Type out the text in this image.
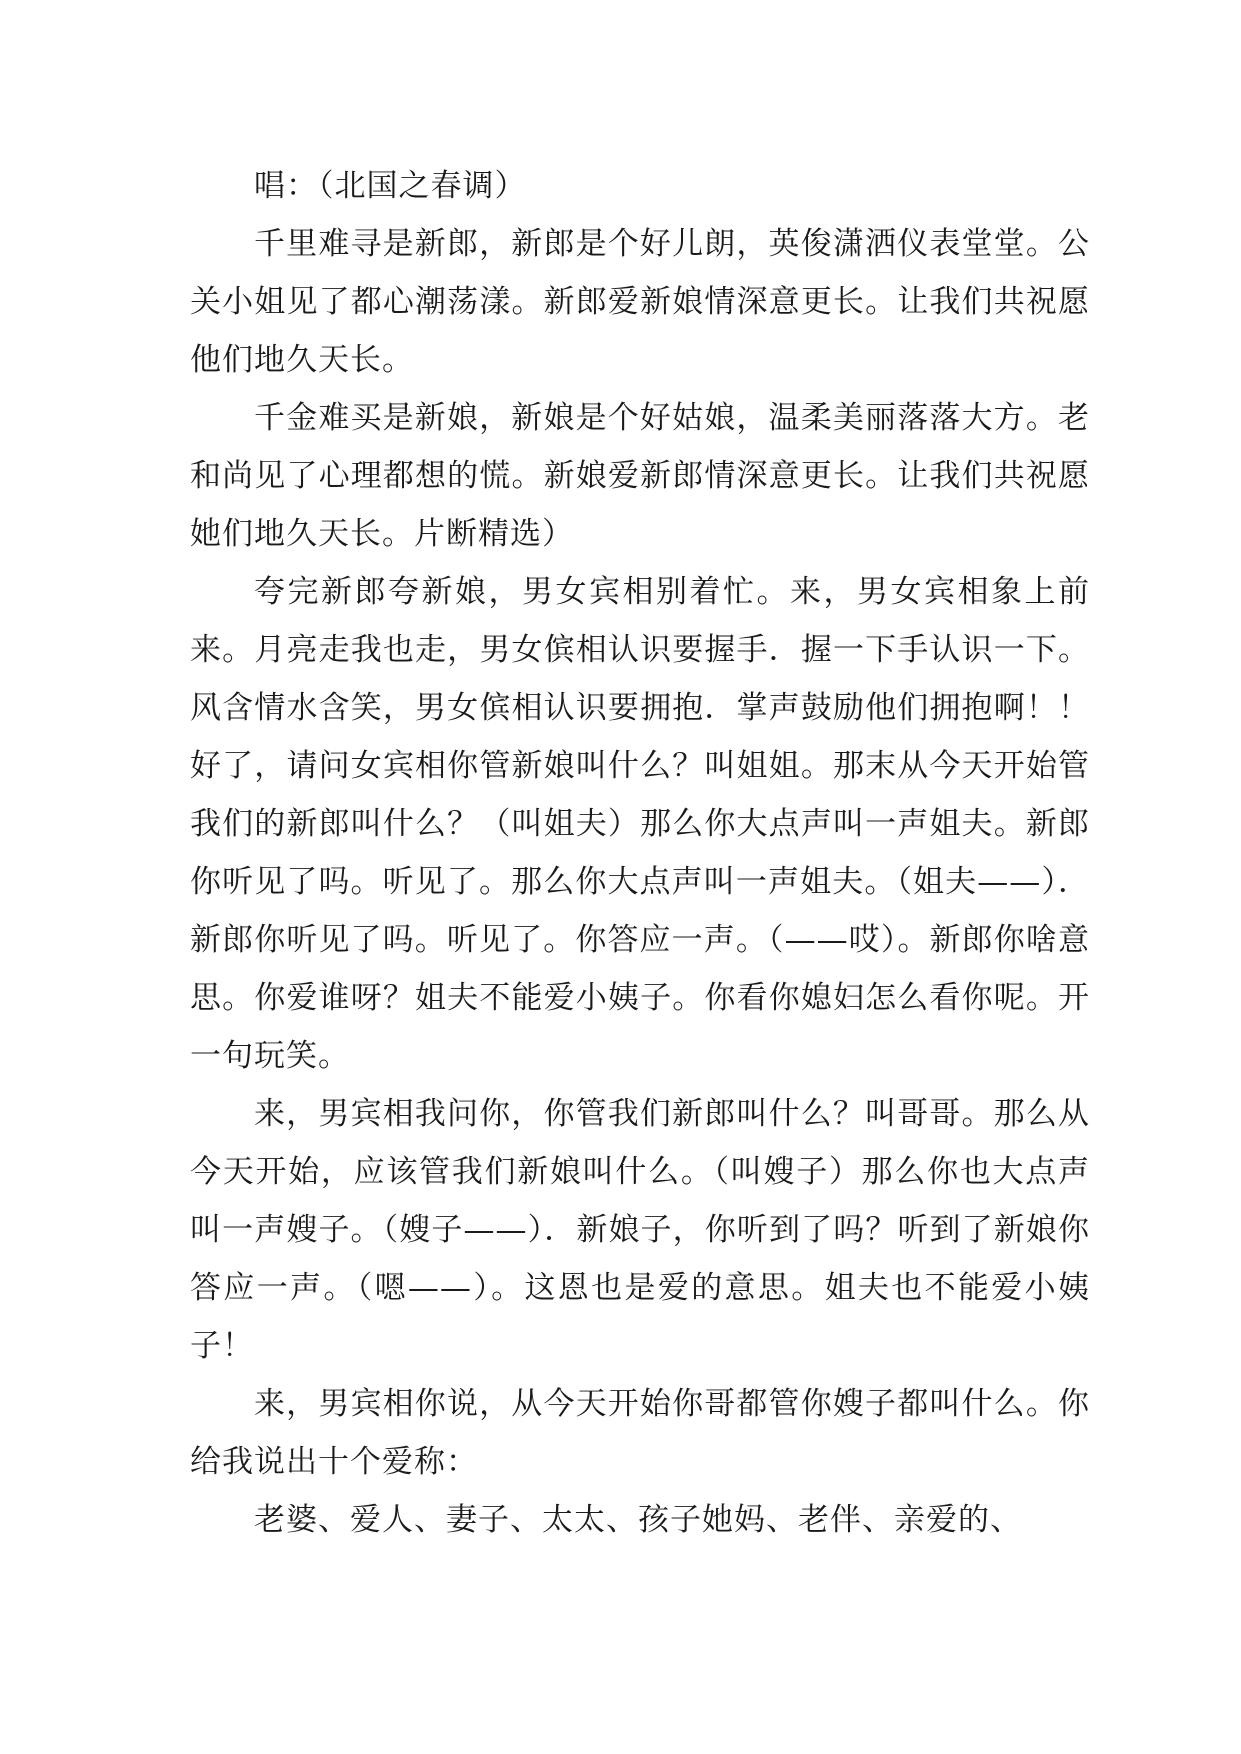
唱：（北国之春调）

千里难寻是新郎，新郎是个好儿朗，英俊潇洒仪表堂堂。公关小姐见了都心潮荡漾。新郎爱新娘情深意更长。让我们共祝愿他们地久天长。

千金难买是新娘，新娘是个好姑娘，温柔美丽落落大方。老和尚见了心理都想的慌。新娘爱新郎情深意更长。让我们共祝愿她们地久天长。片断精选）

夸完新郎夸新娘，男女宾相别着忙。来，男女宾相象上前来。月亮走我也走，男女傧相认识要握手．握一下手认识一下。风含情水含笑，男女傧相认识要拥抱．掌声鼓励他们拥抱啊！！ 好了，请问女宾相你管新娘叫什么？叫姐姐。那末从今天开始管我们的新郎叫什么？（叫姐夫）那么你大点声叫一声姐夫。新郎你听见了吗。听见了。那么你大点声叫一声姐夫。（姐夫——）．新郎你听见了吗。听见了。你答应一声。（——哎）。新郎你啥意思。你爱谁呀？姐夫不能爱小姨子。你看你媳妇怎么看你呢。开一句玩笑。

来，男宾相我问你，你管我们新郎叫什么？叫哥哥。那么从今天开始，应该管我们新娘叫什么。（叫嫂子）那么你也大点声叫一声嫂子。（嫂子——）．新娘子，你听到了吗？听到了新娘你答应一声。（嗯——）。这恩也是爱的意思。姐夫也不能爱小姨子！

来，男宾相你说，从今天开始你哥都管你嫂子都叫什么。你给我说出十个爱称：

老婆、爱人、妻子、太太、孩子她妈、老伴、亲爱的、
